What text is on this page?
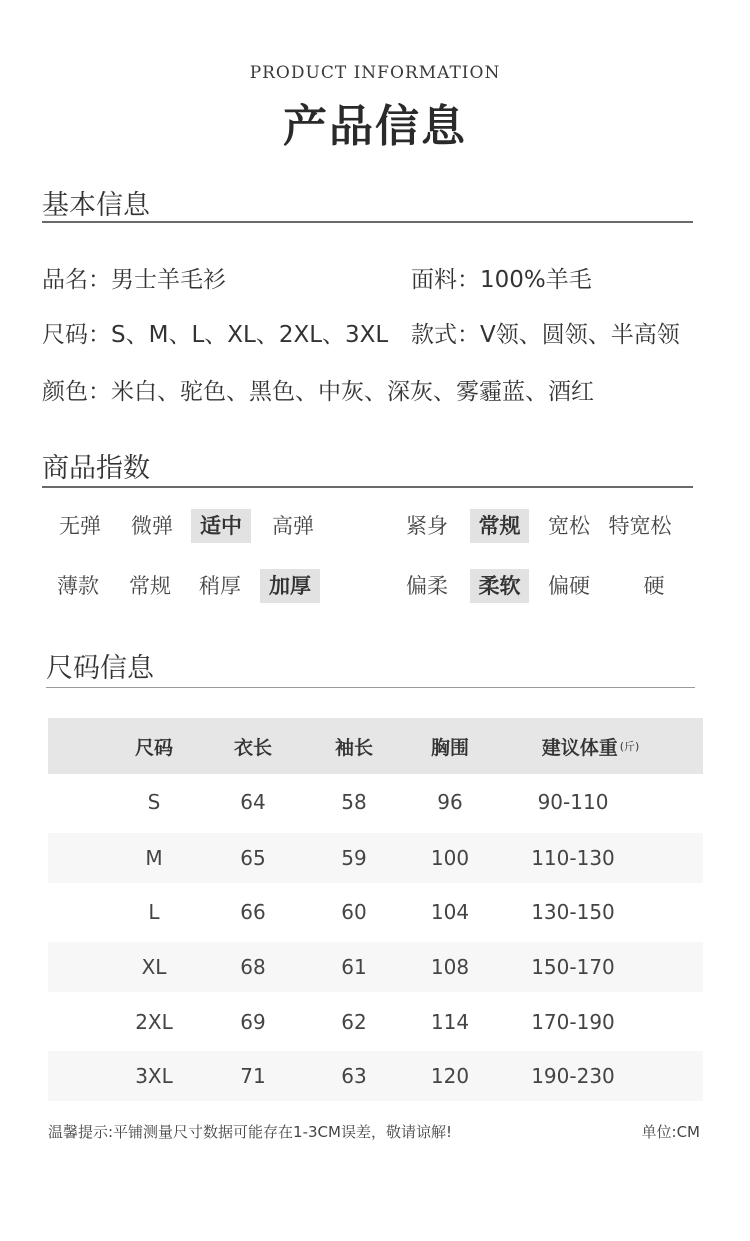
PRODUCT INFORMATION
产品信息
基本信息
品名：男士羊毛衫	面料：100%羊毛
尺码：S、M、L、XL、2XL、3XL 款式：V领、圆领、半高领
颜色：米白、驼色、黑色、中灰、深灰、雾霾蓝、酒红
商品指数
无弹	微弹	适中	高弹	紧身	常规	宽松 特宽松
薄款	常规	稍厚	加厚	偏柔	柔软	偏硬	硬
尺码信息
尺码	衣长	袖长	胸围	建议体重 (斤)
S	64	58	96	90-110
M	65	59	100	110-130
L	66	60	104	130-150
XL	68	61	108	150-170
2XL	69	62	114	170-190
3XL	71	63	120	190-230
温馨提示:平铺测量尺寸数据可能存在1-3CM误差，敬请谅解!	单位:CM
